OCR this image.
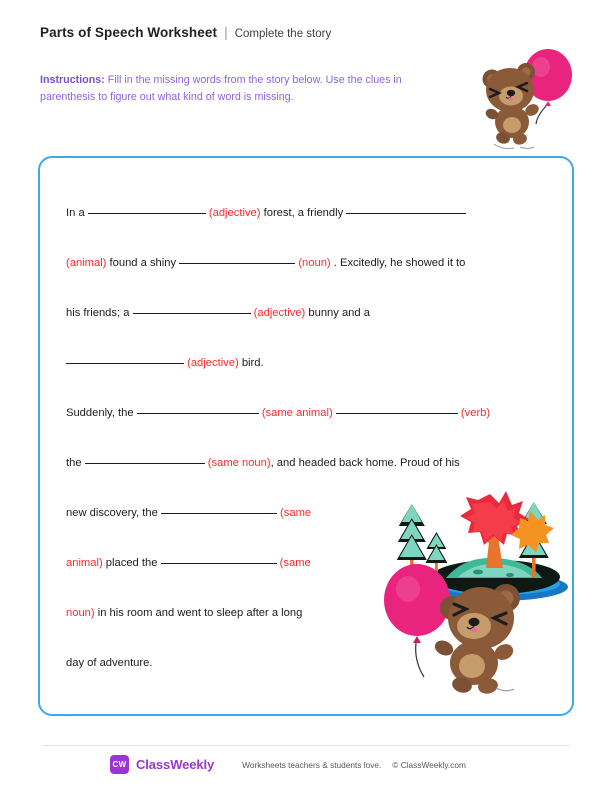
Parts of Speech Worksheet | Complete the story
Instructions: Fill in the missing words from the story below. Use the clues in parenthesis to figure out what kind of word is missing.

In a	(adjective) forest, a friendly

(animal) found a shiny	(noun) . Excitedly, he showed it to

his friends; a	(adjective) bunny and a

(adjective) bird.

Suddenly, the	(same animal)	(verb)

the	(same noun), and headed back home. Proud of his

new discovery, the	(same

animal) placed the	(same

noun) in his room and went to sleep after a long

day of adventure.

CW ClassWeekly	Worksheets teachers & students love. © ClassWeekly.com
